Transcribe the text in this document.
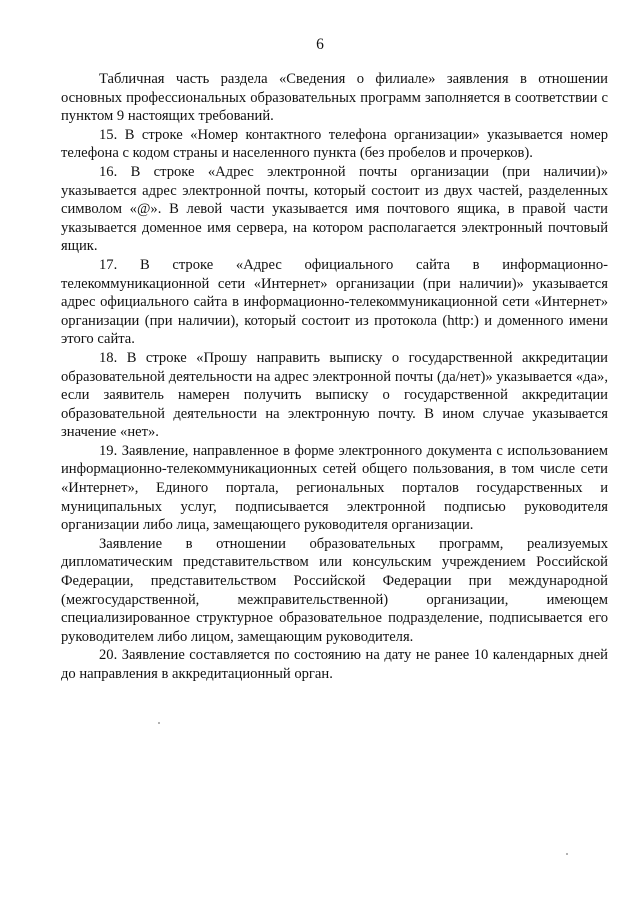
6

Табличная часть раздела «Сведения о филиале» заявления в отношении основных профессиональных образовательных программ заполняется в соответствии с пунктом 9 настоящих требований.

15. В строке «Номер контактного телефона организации» указывается номер телефона с кодом страны и населенного пункта (без пробелов и прочерков).

16. В строке «Адрес электронной почты организации (при наличии)» указывается адрес электронной почты, который состоит из двух частей, разделенных символом «@». В левой части указывается имя почтового ящика, в правой части указывается доменное имя сервера, на котором располагается электронный почтовый ящик.

17. В строке «Адрес официального сайта в информационно-телекоммуникационной сети «Интернет» организации (при наличии)» указывается адрес официального сайта в информационно-телекоммуникационной сети «Интернет» организации (при наличии), который состоит из протокола (http:) и доменного имени этого сайта.

18. В строке «Прошу направить выписку о государственной аккредитации образовательной деятельности на адрес электронной почты (да/нет)» указывается «да», если заявитель намерен получить выписку о государственной аккредитации образовательной деятельности на электронную почту. В ином случае указывается значение «нет».

19. Заявление, направленное в форме электронного документа с использованием информационно-телекоммуникационных сетей общего пользования, в том числе сети «Интернет», Единого портала, региональных порталов государственных и муниципальных услуг, подписывается электронной подписью руководителя организации либо лица, замещающего руководителя организации.

Заявление в отношении образовательных программ, реализуемых дипломатическим представительством или консульским учреждением Российской Федерации, представительством Российской Федерации при международной (межгосударственной, межправительственной) организации, имеющем специализированное структурное образовательное подразделение, подписывается его руководителем либо лицом, замещающим руководителя.

20. Заявление составляется по состоянию на дату не ранее 10 календарных дней до направления в аккредитационный орган.
